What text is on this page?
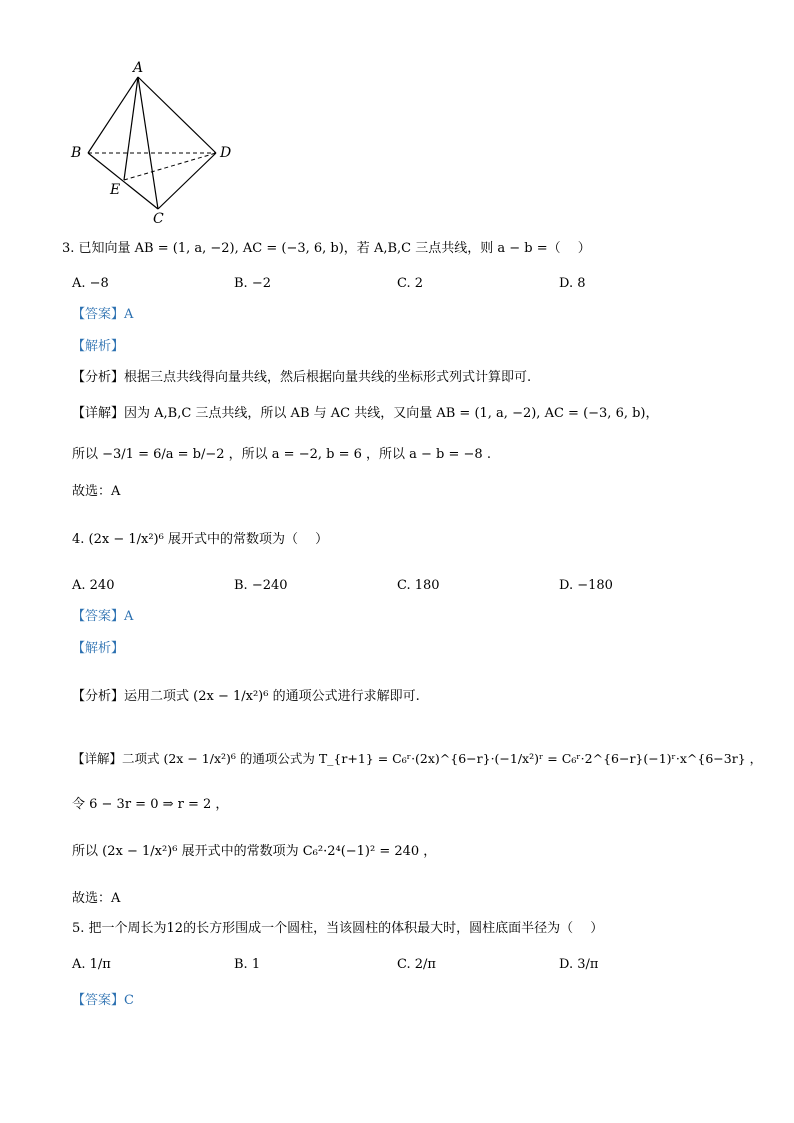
A
B	D
E
C
3. 已知向量 AB = (1, a, −2), AC = (−3, 6, b)，若 A,B,C 三点共线，则 a − b =（　 ）
A. −8	B. −2	C. 2	D. 8
【答案】A
【解析】
【分析】根据三点共线得向量共线，然后根据向量共线的坐标形式列式计算即可.
【详解】因为 A,B,C 三点共线，所以 AB 与 AC 共线，又向量 AB = (1, a, −2), AC = (−3, 6, b)，
所以 −3/1 = 6/a = b/−2 ，所以 a = −2, b = 6 ，所以 a − b = −8 .
故选：A
4. (2x − 1/x²)⁶ 展开式中的常数项为（　 ）
A. 240	B. −240	C. 180	D. −180
【答案】A
【解析】
【分析】运用二项式 (2x − 1/x²)⁶ 的通项公式进行求解即可.
【详解】二项式 (2x − 1/x²)⁶ 的通项公式为 T_{r+1} = C₆ʳ·(2x)^{6−r}·(−1/x²)ʳ = C₆ʳ·2^{6−r}(−1)ʳ·x^{6−3r} ，
令 6 − 3r = 0 ⇒ r = 2 ，
所以 (2x − 1/x²)⁶ 展开式中的常数项为 C₆²·2⁴(−1)² = 240 ，
故选：A
5. 把一个周长为12的长方形围成一个圆柱，当该圆柱的体积最大时，圆柱底面半径为（　 ）
A. 1/π	B. 1	C. 2/π	D. 3/π
【答案】C
